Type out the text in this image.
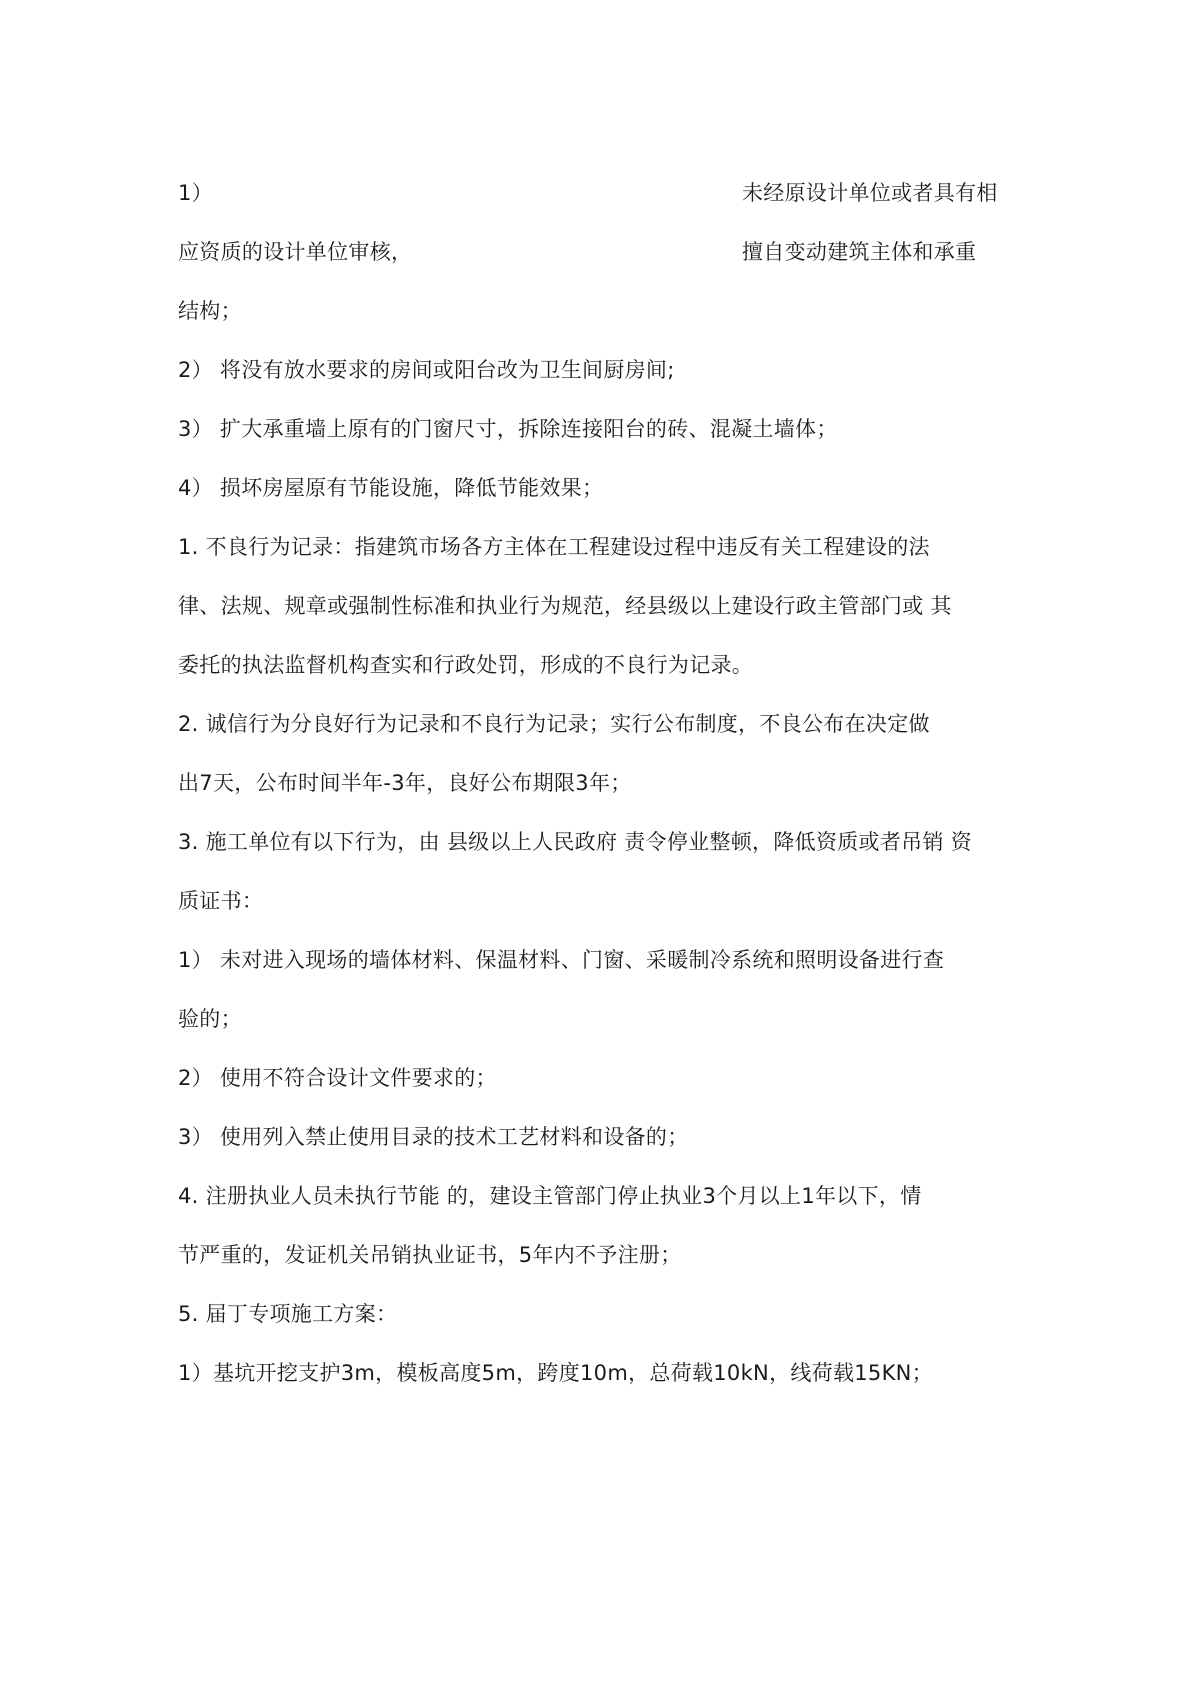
1）	未经原设计单位或者具有相
应资质的设计单位审核，	擅自变动建筑主体和承重
结构；
2） 将没有放水要求的房间或阳台改为卫生间厨房间;
3） 扩大承重墙上原有的门窗尺寸，拆除连接阳台的砖、混凝土墙体；
4） 损坏房屋原有节能设施，降低节能效果；
1. 不良行为记录：指建筑市场各方主体在工程建设过程中违反有关工程建设的法
律、法规、规章或强制性标准和执业行为规范，经县级以上建设行政主管部门或 其
委托的执法监督机构查实和行政处罚，形成的不良行为记录。
2. 诚信行为分良好行为记录和不良行为记录；实行公布制度，不良公布在决定做
出7天，公布时间半年-3年，良好公布期限3年；
3. 施工单位有以下行为，由 县级以上人民政府 责令停业整顿，降低资质或者吊销 资
质证书：
1） 未对进入现场的墙体材料、保温材料、门窗、采暖制冷系统和照明设备进行查
验的；
2） 使用不符合设计文件要求的；
3） 使用列入禁止使用目录的技术工艺材料和设备的；
4. 注册执业人员未执行节能 的，建设主管部门停止执业3个月以上1年以下，情
节严重的，发证机关吊销执业证书，5年内不予注册；
5. 届丁专项施工方案：
1）基坑开挖支护3m，模板高度5m，跨度10m，总荷载10kN，线荷载15KN；
